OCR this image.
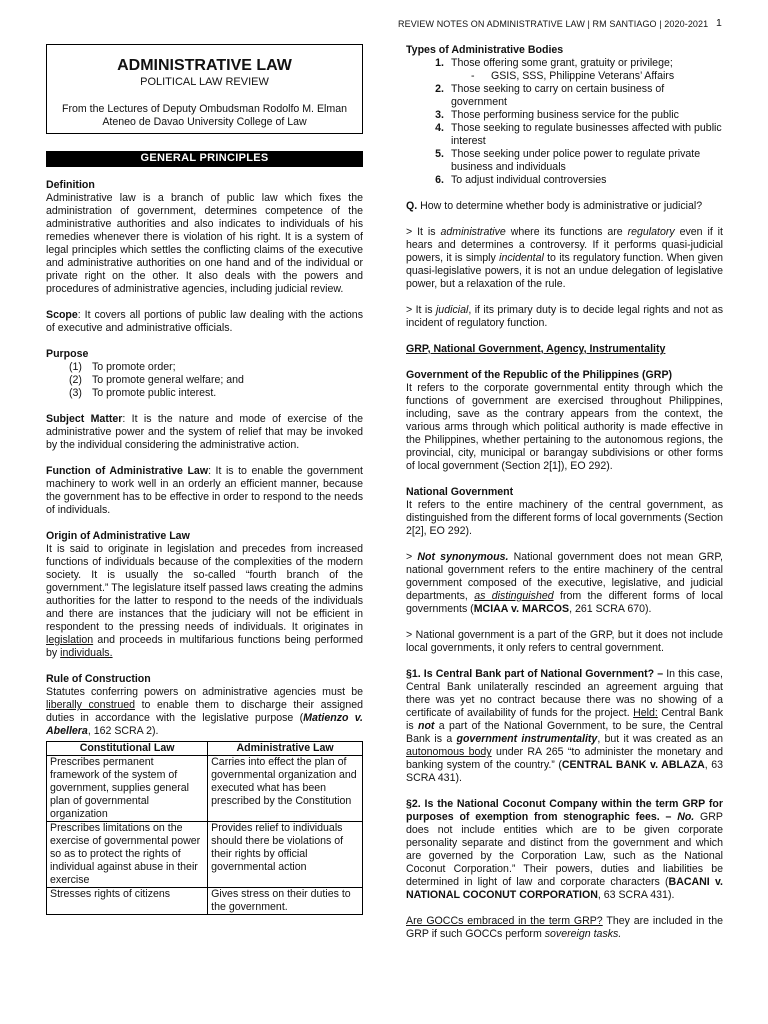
REVIEW NOTES ON ADMINISTRATIVE LAW | RM SANTIAGO | 2020-2021 1
ADMINISTRATIVE LAW
POLITICAL LAW REVIEW
From the Lectures of Deputy Ombudsman Rodolfo M. Elman
Ateneo de Davao University College of Law
GENERAL PRINCIPLES
Definition

Administrative law is a branch of public law which fixes the administration of government, determines competence of the administrative authorities and also indicates to individuals of his remedies whenever there is violation of his right. It is a system of legal principles which settles the conflicting claims of the executive and administrative authorities on one hand and of the individual or private right on the other. It also deals with the powers and procedures of administrative agencies, including judicial review.

Scope: It covers all portions of public law dealing with the actions of executive and administrative officials.

Purpose
(1) To promote order;
(2) To promote general welfare; and
(3) To promote public interest.

Subject Matter: It is the nature and mode of exercise of the administrative power and the system of relief that may be invoked by the individual considering the administrative action.

Function of Administrative Law: It is to enable the government machinery to work well in an orderly an efficient manner, because the government has to be effective in order to respond to the needs of individuals.

Origin of Administrative Law

It is said to originate in legislation and precedes from increased functions of individuals because of the complexities of the modern society. It is usually the so-called “fourth branch of the government.” The legislature itself passed laws creating the admins authorities for the latter to respond to the needs of the individuals and there are instances that the judiciary will not be efficient in respondent to the pressing needs of individuals. It originates in legislation and proceeds in multifarious functions being performed by individuals.

Rule of Construction

Statutes conferring powers on administrative agencies must be liberally construed to enable them to discharge their assigned duties in accordance with the legislative purpose (Matienzo v. Abellera, 162 SCRA 2).

Constitutional Law	Administrative Law
Prescribes permanent framework of the system of government, supplies general plan of governmental organization	Carries into effect the plan of governmental organization and executed what has been prescribed by the Constitution
Prescribes limitations on the exercise of governmental power so as to protect the rights of individual against abuse in their exercise	Provides relief to individuals should there be violations of their rights by official governmental action
Stresses rights of citizens	Gives stress on their duties to the government.
Types of Administrative Bodies
1. Those offering some grant, gratuity or privilege;
-	GSIS, SSS, Philippine Veterans’ Affairs
2. Those seeking to carry on certain business of government
3. Those performing business service for the public
4. Those seeking to regulate businesses affected with public interest
5. Those seeking under police power to regulate private business and individuals
6. To adjust individual controversies

Q. How to determine whether body is administrative or judicial?

> It is administrative where its functions are regulatory even if it hears and determines a controversy. If it performs quasi-judicial powers, it is simply incidental to its regulatory function. When given quasi-legislative powers, it is not an undue delegation of legislative power, but a relaxation of the rule.

> It is judicial, if its primary duty is to decide legal rights and not as incident of regulatory function.

GRP, National Government, Agency, Instrumentality

Government of the Republic of the Philippines (GRP)

It refers to the corporate governmental entity through which the functions of government are exercised throughout Philippines, including, save as the contrary appears from the context, the various arms through which political authority is made effective in the Philippines, whether pertaining to the autonomous regions, the provincial, city, municipal or barangay subdivisions or other forms of local government (Section 2[1]), EO 292).

National Government

It refers to the entire machinery of the central government, as distinguished from the different forms of local governments (Section 2[2], EO 292).

> Not synonymous. National government does not mean GRP, national government refers to the entire machinery of the central government composed of the executive, legislative, and judicial departments, as distinguished from the different forms of local governments (MCIAA v. MARCOS, 261 SCRA 670).

> National government is a part of the GRP, but it does not include local governments, it only refers to central government.

§1. Is Central Bank part of National Government? – In this case, Central Bank unilaterally rescinded an agreement arguing that there was yet no contract because there was no showing of a certificate of availability of funds for the project. Held: Central Bank is not a part of the National Government, to be sure, the Central Bank is a government instrumentality, but it was created as an autonomous body under RA 265 “to administer the monetary and banking system of the country.” (CENTRAL BANK v. ABLAZA, 63 SCRA 431).

§2. Is the National Coconut Company within the term GRP for purposes of exemption from stenographic fees. – No. GRP does not include entities which are to be given corporate personality separate and distinct from the government and which are governed by the Corporation Law, such as the National Coconut Corporation.” Their powers, duties and liabilities be determined in light of law and corporate characters (BACANI v. NATIONAL COCONUT CORPORATION, 63 SCRA 431).

Are GOCCs embraced in the term GRP? They are included in the GRP if such GOCCs perform sovereign tasks.
